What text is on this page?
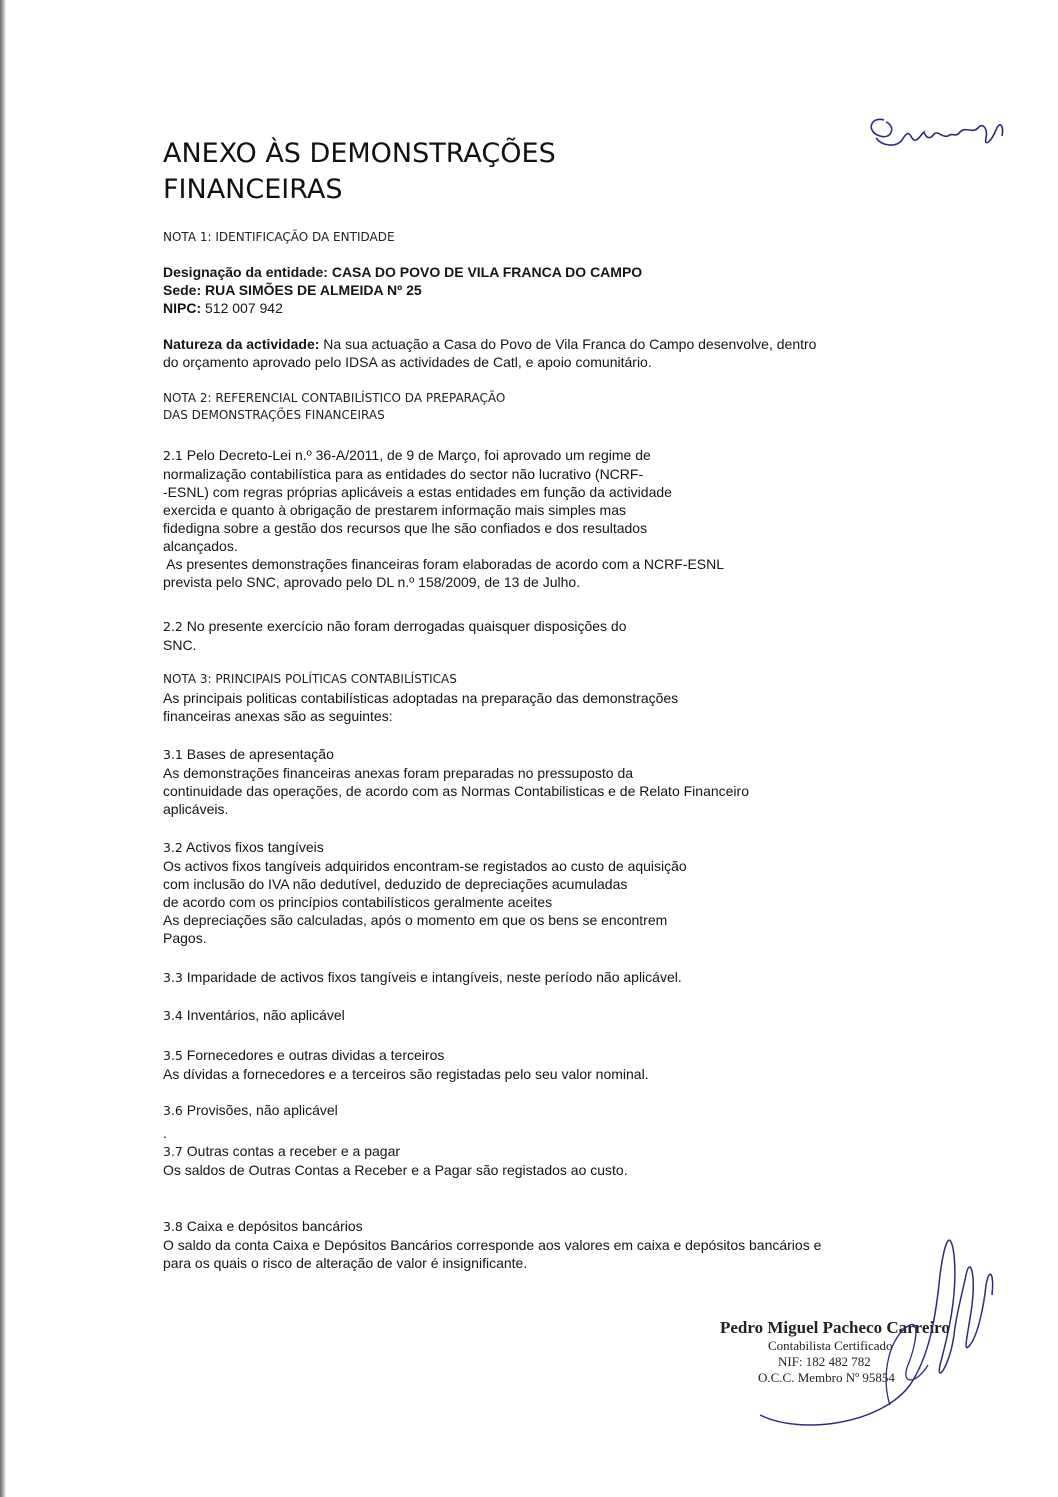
ANEXO ÀS DEMONSTRAÇÕES
FINANCEIRAS

NOTA 1: IDENTIFICAÇÃO DA ENTIDADE

Designação da entidade: CASA DO POVO DE VILA FRANCA DO CAMPO
Sede: RUA SIMÕES DE ALMEIDA Nº 25
NIPC: 512 007 942
Natureza da actividade: Na sua actuação a Casa do Povo de Vila Franca do Campo desenvolve, dentro
do orçamento aprovado pelo IDSA as actividades de Catl, e apoio comunitário.
NOTA 2: REFERENCIAL CONTABILÍSTICO DA PREPARAÇÃO
DAS DEMONSTRAÇÕES FINANCEIRAS
2.1 Pelo Decreto-Lei n.º 36-A/2011, de 9 de Março, foi aprovado um regime de
normalização contabilística para as entidades do sector não lucrativo (NCRF-
-ESNL) com regras próprias aplicáveis a estas entidades em função da actividade
exercida e quanto à obrigação de prestarem informação mais simples mas
fidedigna sobre a gestão dos recursos que lhe são confiados e dos resultados
alcançados.
As presentes demonstrações financeiras foram elaboradas de acordo com a NCRF-ESNL
prevista pelo SNC, aprovado pelo DL n.º 158/2009, de 13 de Julho.
2.2 No presente exercício não foram derrogadas quaisquer disposições do
SNC.

NOTA 3: PRINCIPAIS POLÍTICAS CONTABILÍSTICAS

As principais politicas contabilísticas adoptadas na preparação das demonstrações
financeiras anexas são as seguintes:
3.1 Bases de apresentação
As demonstrações financeiras anexas foram preparadas no pressuposto da
continuidade das operações, de acordo com as Normas Contabilisticas e de Relato Financeiro
aplicáveis.
3.2 Activos fixos tangíveis
Os activos fixos tangíveis adquiridos encontram-se registados ao custo de aquisição
com inclusão do IVA não dedutível, deduzido de depreciações acumuladas
de acordo com os princípios contabilísticos geralmente aceites
As depreciações são calculadas, após o momento em que os bens se encontrem
Pagos.
3.3 Imparidade de activos fixos tangíveis e intangíveis, neste período não aplicável.
3.4 Inventários, não aplicável
3.5 Fornecedores e outras dividas a terceiros
As dívidas a fornecedores e a terceiros são registadas pelo seu valor nominal.
3.6 Provisões, não aplicável
.
3.7 Outras contas a receber e a pagar
Os saldos de Outras Contas a Receber e a Pagar são registados ao custo.
3.8 Caixa e depósitos bancários
O saldo da conta Caixa e Depósitos Bancários corresponde aos valores em caixa e depósitos bancários e
para os quais o risco de alteração de valor é insignificante.
Pedro Miguel Pacheco Carreiro
Contabilista Certificado
NIF: 182 482 782
O.C.C. Membro Nº 95854
